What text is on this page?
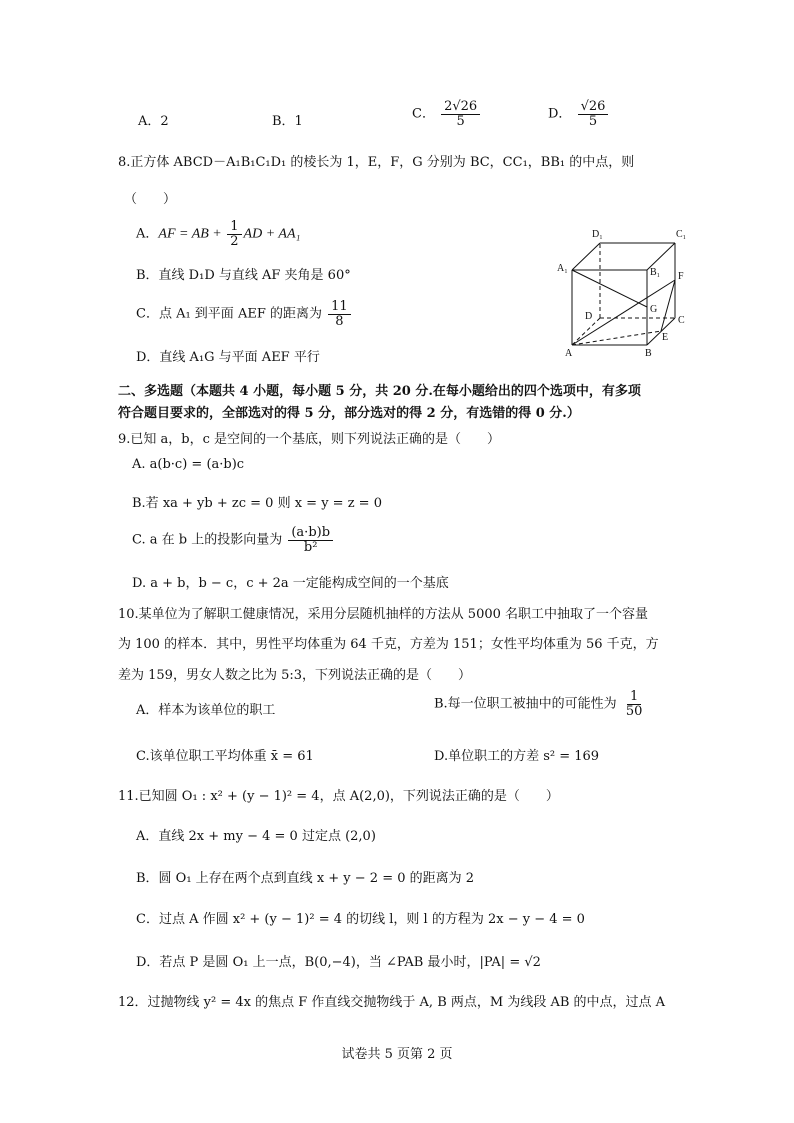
A．2	B．1	C． $\frac{2√26}{5}$	D． $\frac{√26}{5}$
8.正方体 ABCD－A₁B₁C₁D₁ 的棱长为 1，E，F，G 分别为 BC，CC₁，BB₁ 的中点，则
（　　）
A．AF = AB + $\frac{1}{2}$ AD + AA₁
B．直线 D₁D 与直线 AF 夹角是 60°
C．点 A₁ 到平面 AEF 的距离为 $\frac{11}{8}$
D．直线 A₁G 与平面 AEF 平行
D₁	C₁
A₁	B₁ F
G
D	C
E
A	B
二、多选题（本题共 4 小题，每小题 5 分，共 20 分.在每小题给出的四个选项中，有多项
符合题目要求的，全部选对的得 5 分，部分选对的得 2 分，有选错的得 0 分.）
9.已知 a，b，c 是空间的一个基底，则下列说法正确的是（　　）
A. a(b·c) = (a·b)c
B.若 xa + yb + zc = 0 则 x = y = z = 0
C. a 在 b 上的投影向量为 $\frac{(a\cdot b)b}{\text{b²}}$
D. a + b，b − c，c + 2a 一定能构成空间的一个基底
10.某单位为了解职工健康情况，采用分层随机抽样的方法从 5000 名职工中抽取了一个容量
为 100 的样本．其中，男性平均体重为 64 千克，方差为 151；女性平均体重为 56 千克，方
差为 159，男女人数之比为 5:3，下列说法正确的是（　　）
A．样本为该单位的职工	B.每一位职工被抽中的可能性为 $\frac{1}{50}$
C.该单位职工平均体重 x̄ = 61	D.单位职工的方差 s² = 169
11.已知圆 O₁ : x² + (y − 1)² = 4，点 A(2,0)，下列说法正确的是（　　）
A．直线 2x + my − 4 = 0 过定点 (2,0)
B．圆 O₁ 上存在两个点到直线 x + y − 2 = 0 的距离为 2
C．过点 A 作圆 x² + (y − 1)² = 4 的切线 l，则 l 的方程为 2x − y − 4 = 0
D．若点 P 是圆 O₁ 上一点，B(0,−4)，当 ∠PAB 最小时，|PA| = √2
12．过抛物线 y² = 4x 的焦点 F 作直线交抛物线于 A, B 两点，M 为线段 AB 的中点，过点 A
试卷共 5 页第 2 页
